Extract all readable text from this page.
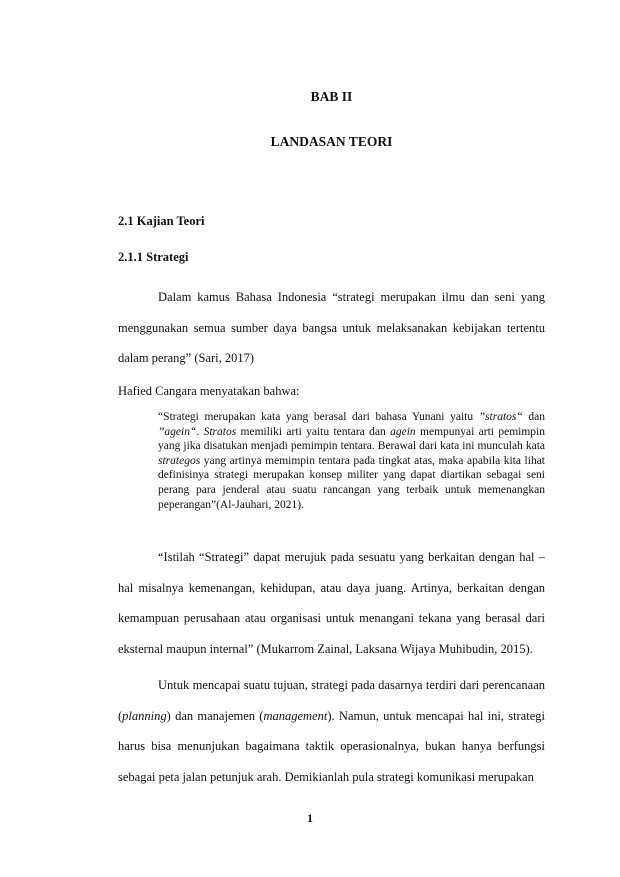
BAB II
LANDASAN TEORI
2.1 Kajian Teori
2.1.1 Strategi

Dalam kamus Bahasa Indonesia “strategi merupakan ilmu dan seni yang menggunakan semua sumber daya bangsa untuk melaksanakan kebijakan tertentu dalam perang” (Sari, 2017)

Hafied Cangara menyatakan bahwa:

“Strategi merupakan kata yang berasal dari bahasa Yunani yaitu ”stratos“ dan ”agein“. Stratos memiliki arti yaitu tentara dan agein mempunyai arti pemimpin yang jika disatukan menjadi pemimpin tentara. Berawal dari kata ini munculah kata strategos yang artinya memimpin tentara pada tingkat atas, maka apabila kita lihat definisinya strategi merupakan konsep militer yang dapat diartikan sebagai seni perang para jenderal atau suatu rancangan yang terbaik untuk memenangkan peperangan”(Al-Jauhari, 2021).

“Istilah “Strategi” dapat merujuk pada sesuatu yang berkaitan dengan hal – hal misalnya kemenangan, kehidupan, atau daya juang. Artinya, berkaitan dengan kemampuan perusahaan atau organisasi untuk menangani tekana yang berasal dari eksternal maupun internal” (Mukarrom Zainal, Laksana Wijaya Muhibudin, 2015).

Untuk mencapai suatu tujuan, strategi pada dasarnya terdiri dari perencanaan (planning) dan manajemen (management). Namun, untuk mencapai hal ini, strategi harus bisa menunjukan bagaimana taktik operasionalnya, bukan hanya berfungsi sebagai peta jalan petunjuk arah. Demikianlah pula strategi komunikasi merupakan

1
